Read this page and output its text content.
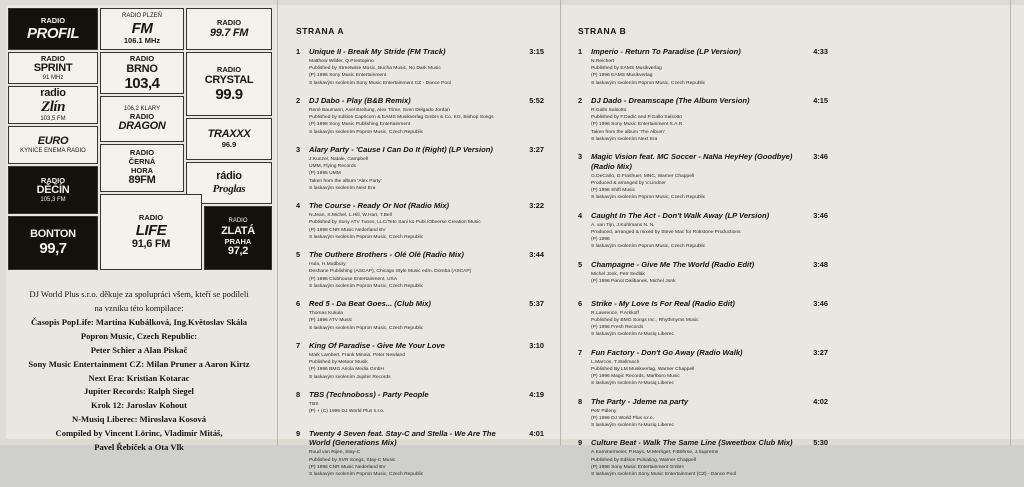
RADIO
PROFIL
RADIO PLZEŇ
FM
106.1 MHz
RADIO
99.7 FM
RADIO
SPRINT
91 MHz
RADIO
BRNO
103,4
RADIO
CRYSTAL
99.9
radio
Zlín
103,5 FM
106,2 KLARY
RADIO
DRAGON
TRAXXX
96.9
EURO
KYNICE ENEMA RADIO
RADIO
DĚČÍN
105,3 FM
RADIO
ČERNÁ
HORA
89FM	rádio
Proglas
BONTON
99,7
RADIO
LIFE
91,6 FM
RADIO
ZLATÁ
PRAHA
97,2
DJ World Plus s.r.o. děkuje za spolupráci všem, kteří se podíleli
na vzniku této kompilace:
Časopis PopLife: Martina Kubálková, Ing.Květoslav Skála
Popron Music, Czech Republic:
Peter Schier a Alan Piskač
Sony Music Entertainment CZ: Milan Pruner a Aaron Kirtz
Next Era: Kristian Kotarac
Jupiter Records: Ralph Siegel
Krok 12: Jaroslav Kohout
N-Musiq Liberec: Miroslava Kosová
Compiled by Vincent Lörinc, Vladimír Mitáš,
Pavel Řebíček a Ota Vlk
STRANA A
1	3:15
Unique II - Break My Stride (FM Track)
Matthew Wilder, Q.Prestopino
Published by Streetwise Music, Bucha Music, No Dark Music
(P) 1996 Sony Music Entertainment
S laskavým svolením Sony Music Entertainment CZ - Dance Pool
2	5:52
DJ Dabo - Play (B&B Remix)
René Baumann, Axel Breitung, Alex Trime, Sven Delgado Jordan
Published by Edition Capricorn & EAMS Musikverlag GmbH & Co. KG, Bishop Songs
(P) 1998 Sony Music Publishing Entertainment
S laskavým svolením Popron Music, Czech Republic
3	3:27
Alary Party - 'Cause I Can Do It (Right) (LP Version)
J.Kunzel, Natale, Campbell
UMM, Flying Records
(P) 1995 UMM
Taken from the album 'Alex Party'
S laskavým svolením Next Era
4	3:22
The Course - Ready Or Not (Radio Mix)
N.Jean, S.Michel, L.Hill, W.Hart, T.Bell
Published by Sony ATV Tunes, LLC/Tete Sani ko Publ./Obverse Creation Music
(P) 1998 CNR Music Nederland BV
S laskavým svolením Popron Music, Czech Republic
5	3:44
The Outhere Brothers - Olé Olé (Radio Mix)
Hula, H.Mudbury
Deshane Publishing (ASCAP), Chicago Style Music edm. Domba (ASCAP)
(P) 1996 Clubhouse Entertainment, USA
S laskavým svolením Popron Music, Czech Republic
6	5:37
Red 5 - Da Beat Goes... (Club Mix)
Thomas Kukula
(P) 1996 ATV Music
S laskavým svolením Popron Music, Czech Republic
7	3:10
King Of Paradise - Give Me Your Love
Mark Lambert, Frank Minoia, Peter Newland
Published by Meteor Musik
(P) 1996 BMG Ariola Media GmbH
S laskavým svolením Jupiter Records
8	4:19
TBS (Technoboss) - Party People
TBS
(P) + (C) 1996 DJ World Plus s.r.o.
9	4:01
Twenty 4 Seven feat. Stay-C and Stella - We Are The World (Generations Mix)
Ruud van Rijen, Stay-C
Published by XVR Songs, Stay-C Music
(P) 1996 CNR Music Nederland BV
S laskavým svolením Popron Music, Czech Republic
STRANA B
1	4:33
Imperio - Return To Paradise (LP Version)
N.Reichert
Published by EAMS Musikverlag
(P) 1996 EAMS Musikverlag
S laskavým svolením Popron Music, Czech Republic
2	4:15
DJ Dado - Dreamscape (The Album Version)
R.Gallo Salsotto
Published by F.Dadic and P.Gallo Salsotto
(P) 1996 Sony Music Entertainment S.A.R.
Taken from the album 'The Album'
S laskavým svolením Next Era
3	3:46
Magic Vision feat. MC Soccer - NaNa HeyHey (Goodbye) (Radio Mix)
G.DeCarlo, D.Frashuer, MNC, Warner Chappell
Produced & arranged by V.Lindner
(P) 1996 Shift Music
S laskavým svolením Popron Music, Czech Republic
4	3:46
Caught In The Act - Don't Walk Away (LP Version)
A. van Tijn, J.Kuhlmans N. N.
Produced, arranged & mixed by Steve Mac for Rokstone Productions
(P) 1996
S laskavým svolením Popron Music, Czech Republic
5	3:48
Champagne - Give Me The World (Radio Edit)
Michel Jonk, Petr Sedlák
(P) 1996 Panot Dalibanek, Michel Jonk
6	3:46
Strike - My Love Is For Real (Radio Edit)
R.Lawrence, P.Arkkoff
Published by BMG Songs Inc., Rhythmyms Music
(P) 1996 Fresh Records
S laskavým svolením N-Musiq Liberec
7	3:27
Fun Factory - Don't Go Away (Radio Walk)
L.Marcon, T.Stellmach
Published By LM Musikverlag, Warner Chappell
(P) 1996 Magic Records, Marlboro Music
S laskavým svolením N-Musiq Liberec
8	4:02
The Party - Jdeme na party
Petr Páleny
(P) 1996 DJ World Plus s.r.o.
S laskavým svolením N-Musiq Liberec
9	5:30
Culture Beat - Walk The Same Line (Sweetbox Club Mix)
A.Kammermeier, P.Hays, M.Merriger, F.Böhme, J.Supreme
Published by Edition Pulsating, Warner Chappell
(P) 1996 Sony Music Entertainment GmbH
S laskavým svolením Sony Music Entertainment (CZ) - Dance Pool
